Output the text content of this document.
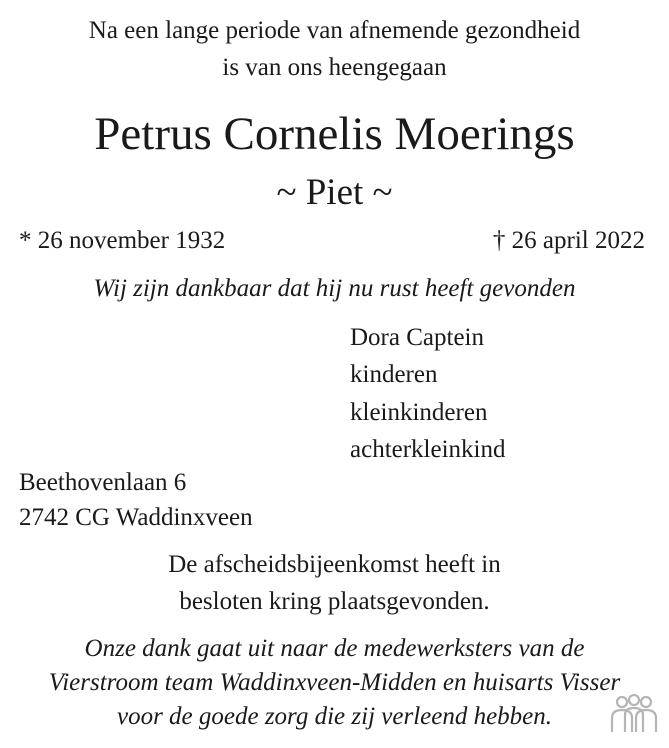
Na een lange periode van afnemende gezondheid
is van ons heengegaan
Petrus Cornelis Moerings
~ Piet ~
* 26 november 1932	† 26 april 2022
Wij zijn dankbaar dat hij nu rust heeft gevonden
Dora Captein
kinderen
kleinkinderen
achterkleinkind
Beethovenlaan 6
2742 CG Waddinxveen
De afscheidsbijeenkomst heeft in
besloten kring plaatsgevonden.
Onze dank gaat uit naar de medewerksters van de
Vierstroom team Waddinxveen-Midden en huisarts Visser
voor de goede zorg die zij verleend hebben.
